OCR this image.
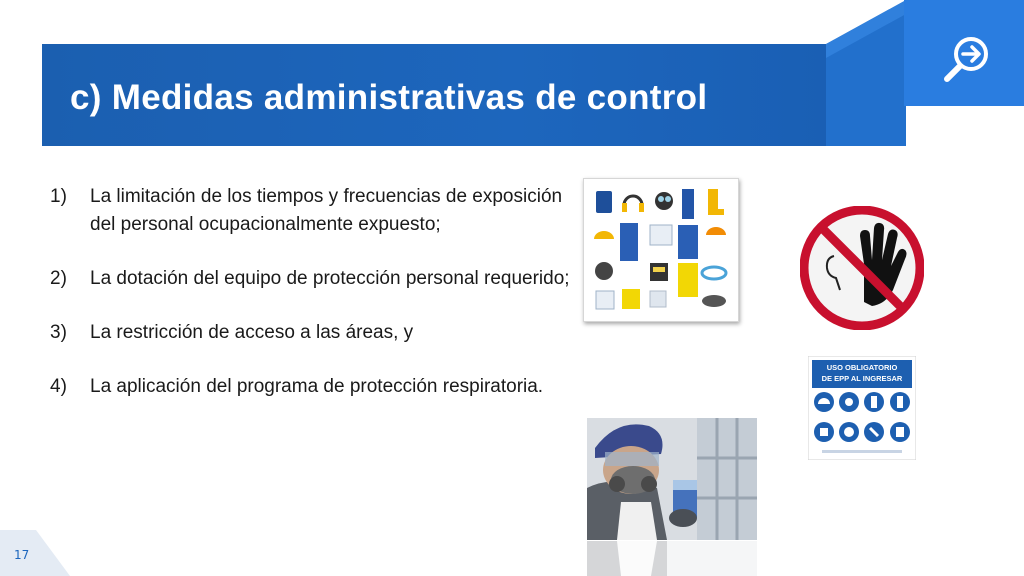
c) Medidas administrativas de control
1)	La limitación de los tiempos y frecuencias de exposición del personal ocupacionalmente expuesto;
2)	La dotación del equipo de protección personal requerido;
3)	La restricción de acceso a las áreas, y
4)	La aplicación del programa de protección respiratoria.
USO OBLIGATORIO
DE EPP AL INGRESAR
17
